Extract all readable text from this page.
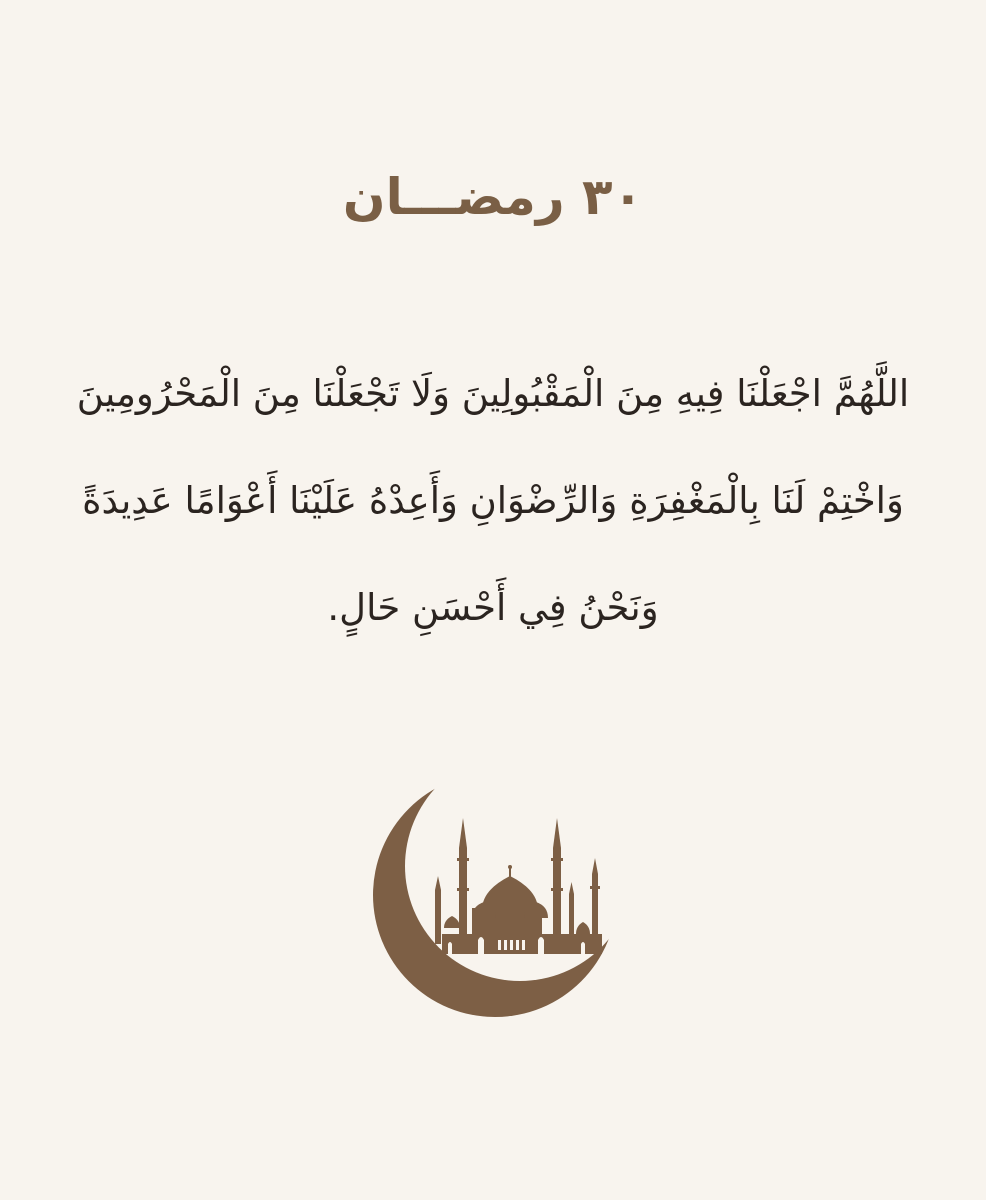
٣٠ رمضـــان
اللَّهُمَّ اجْعَلْنَا فِيهِ مِنَ الْمَقْبُولِينَ وَلَا تَجْعَلْنَا مِنَ الْمَحْرُومِينَ
وَاخْتِمْ لَنَا بِالْمَغْفِرَةِ وَالرِّضْوَانِ وَأَعِدْهُ عَلَيْنَا أَعْوَامًا عَدِيدَةً
وَنَحْنُ فِي أَحْسَنِ حَالٍ.
